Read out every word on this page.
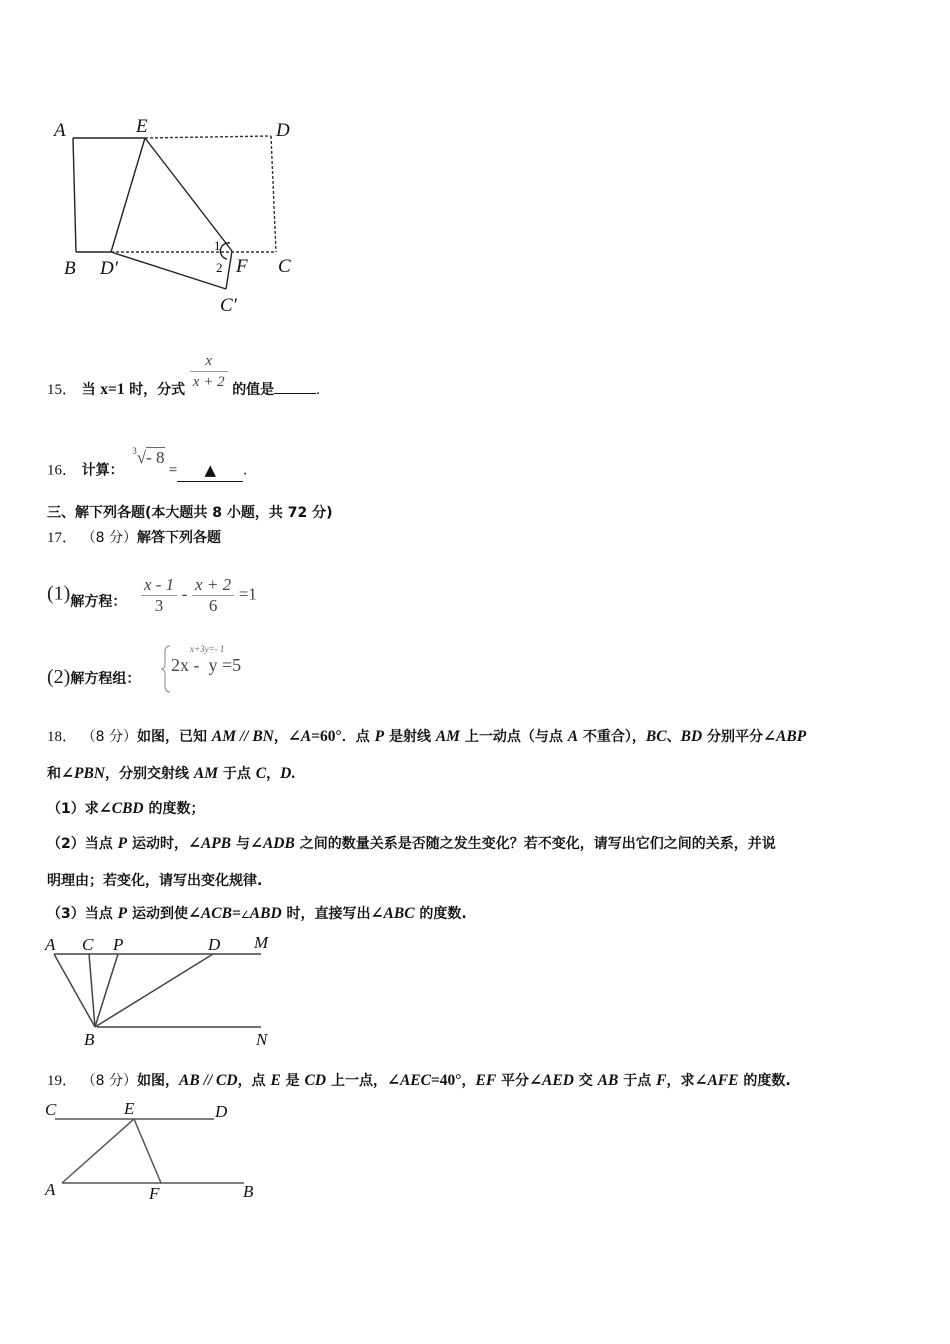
A	E	D
B D′	F C
C′
1
2
15． 当 x=1 时，分式 $\frac{x}{x + 2}$ 的值是	.
16． 计算： $^3$√- 8 = ▲ .
三、解下列各题(本大题共 8 小题，共 72 分)
17． （8 分）解答下列各题
(1)解方程： $\frac{x - 1}{3} - \frac{x + 2}{6} =1$
(2)解方程组：
x+3y=- 1
2x -  y =5
18． （8 分）如图，已知 AM // BN，∠A=60°．点 P 是射线 AM 上一动点（与点 A 不重合），BC、BD 分别平分∠ABP
和∠PBN，分别交射线 AM 于点 C，D.
（1）求∠CBD 的度数；
（2）当点 P 运动时，∠APB 与∠ADB 之间的数量关系是否随之发生变化？若不变化，请写出它们之间的关系，并说
明理由；若变化，请写出变化规律.
（3）当点 P 运动到使∠ACB=∠ABD 时，直接写出∠ABC 的度数.
A C P	D M
B	N
19． （8 分）如图，AB // CD，点 E 是 CD 上一点，∠AEC=40°，EF 平分∠AED 交 AB 于点 F，求∠AFE 的度数.
C	E	D
A	F	B
